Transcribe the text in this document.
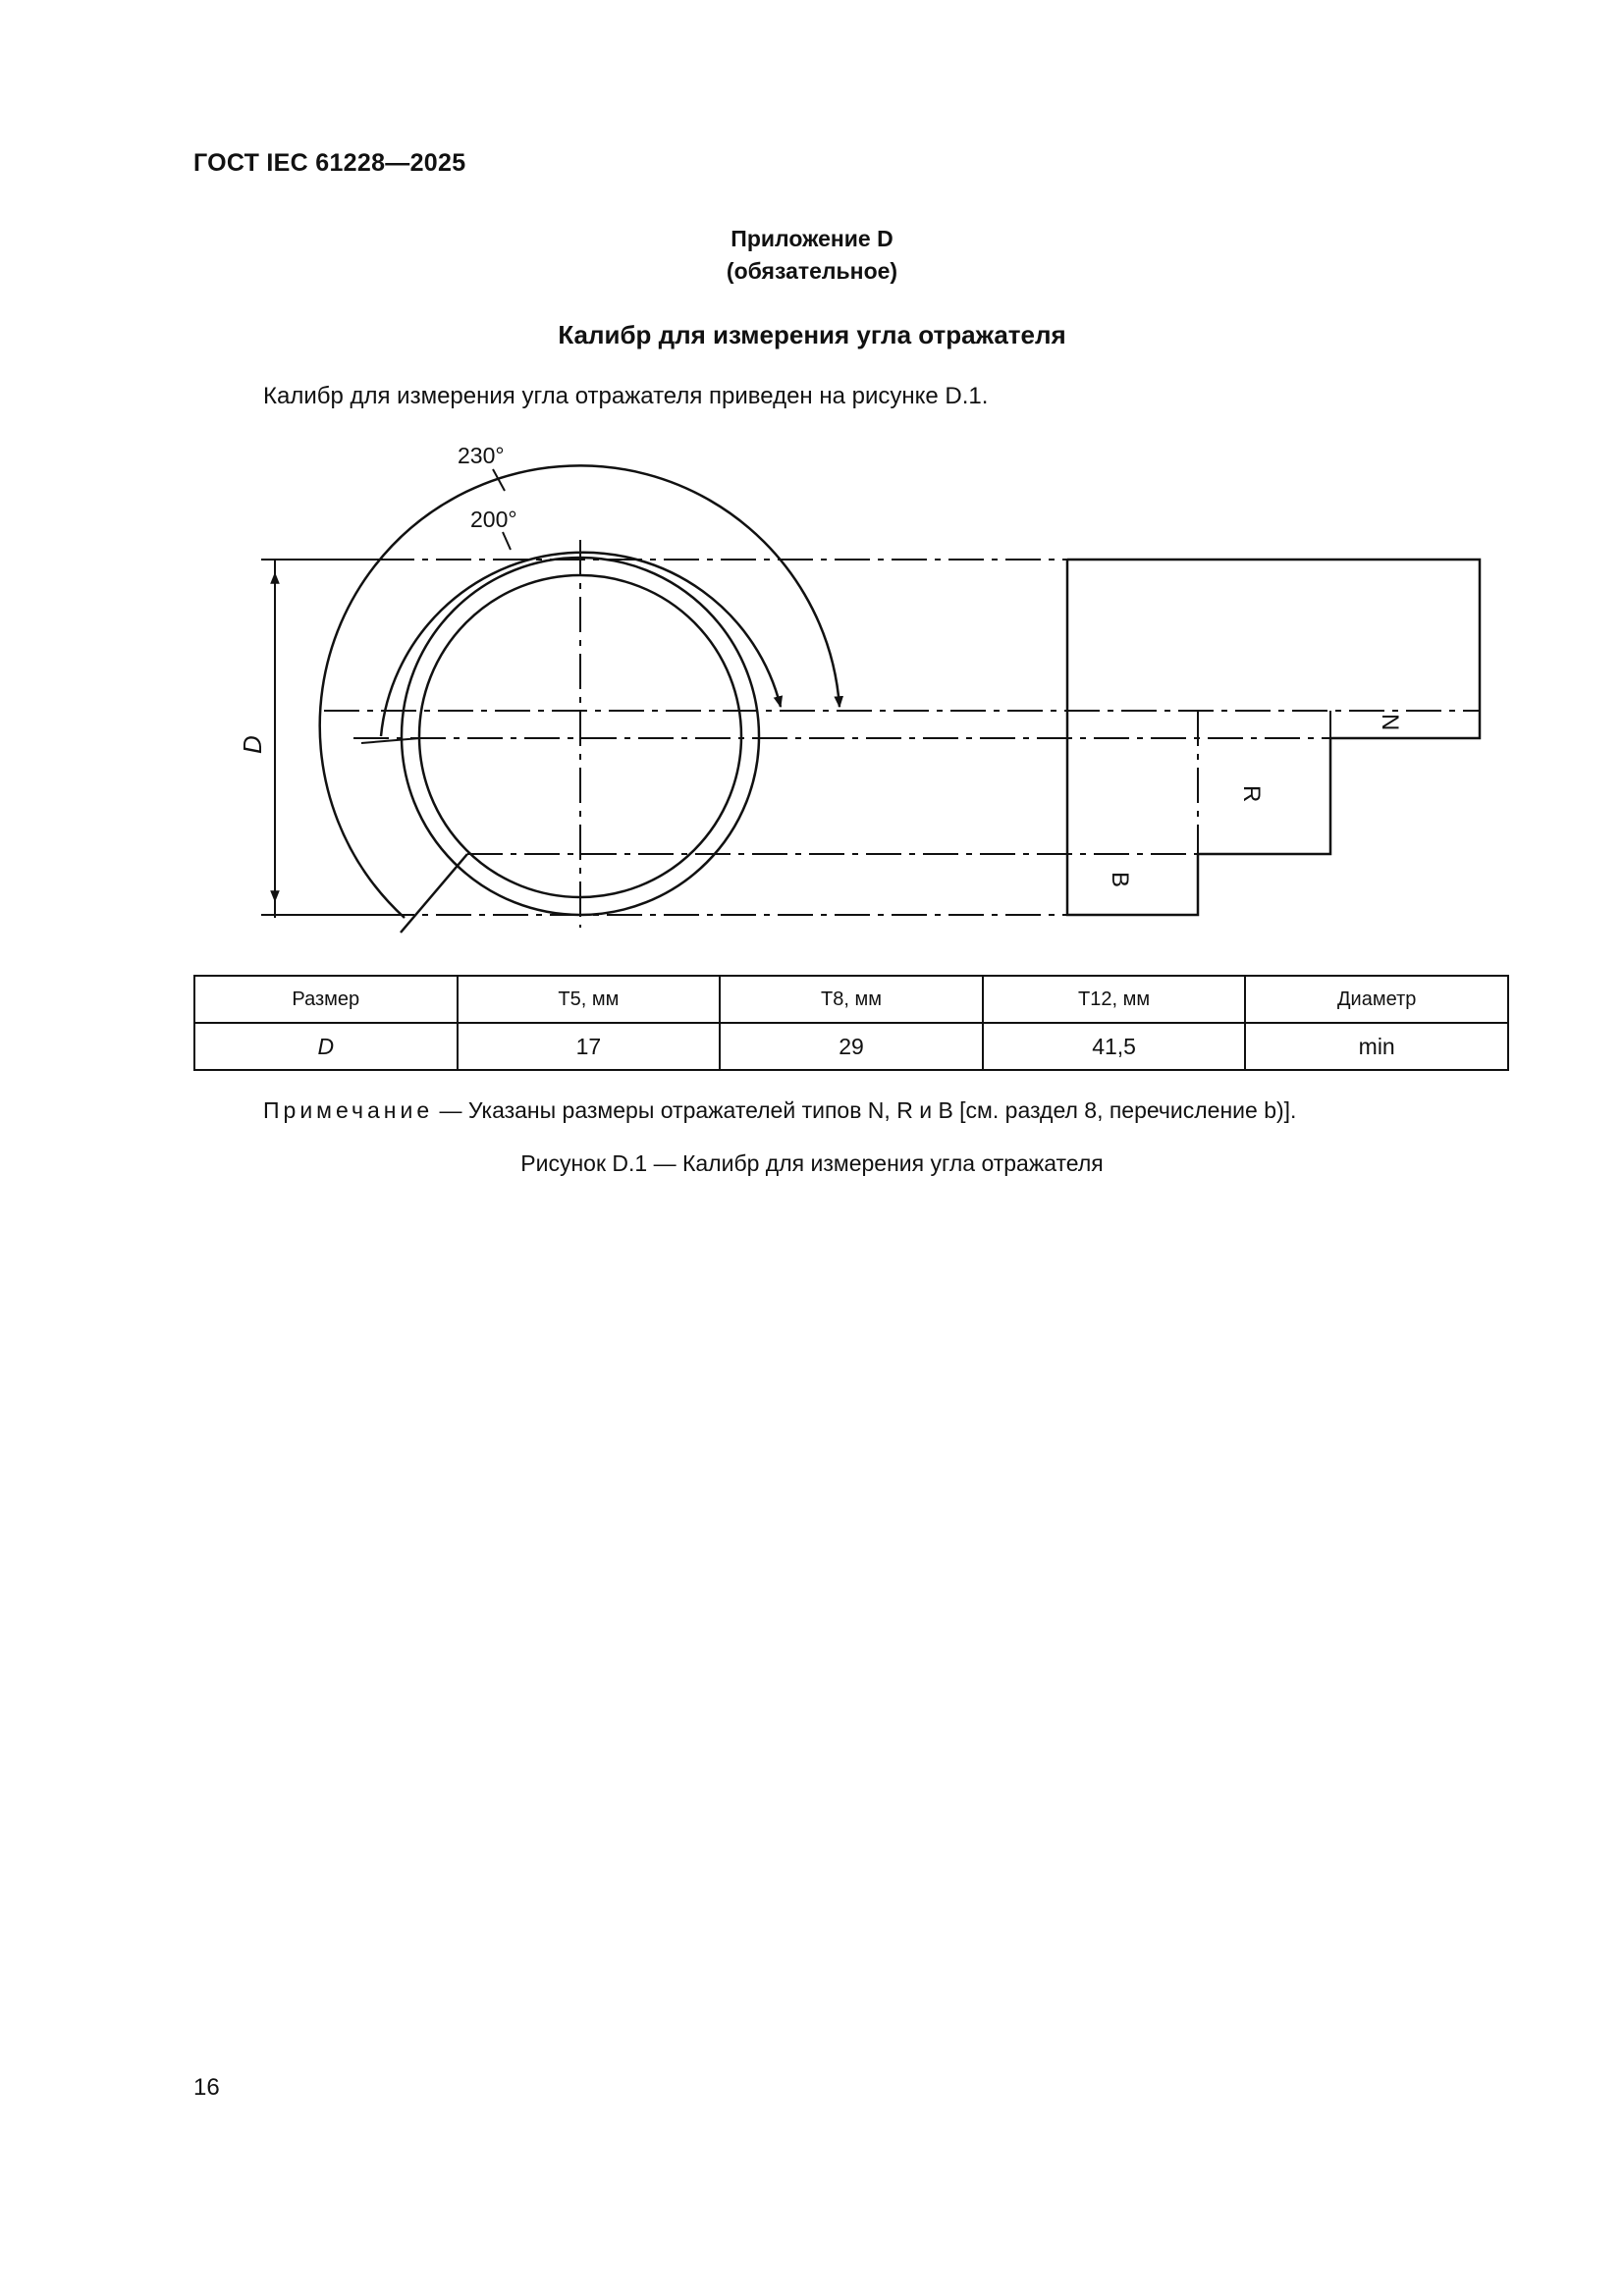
ГОСТ IEC 61228—2025
Приложение D
(обязательное)
Калибр для измерения угла отражателя
Калибр для измерения угла отражателя приведен на рисунке D.1.
230°
200°
D
N
R
B
Размер	T5, мм	T8, мм	T12, мм	Диаметр
D	17	29	41,5	min
Примечание — Указаны размеры отражателей типов N, R и B [см. раздел 8, перечисление b)].
Рисунок D.1 — Калибр для измерения угла отражателя
16
